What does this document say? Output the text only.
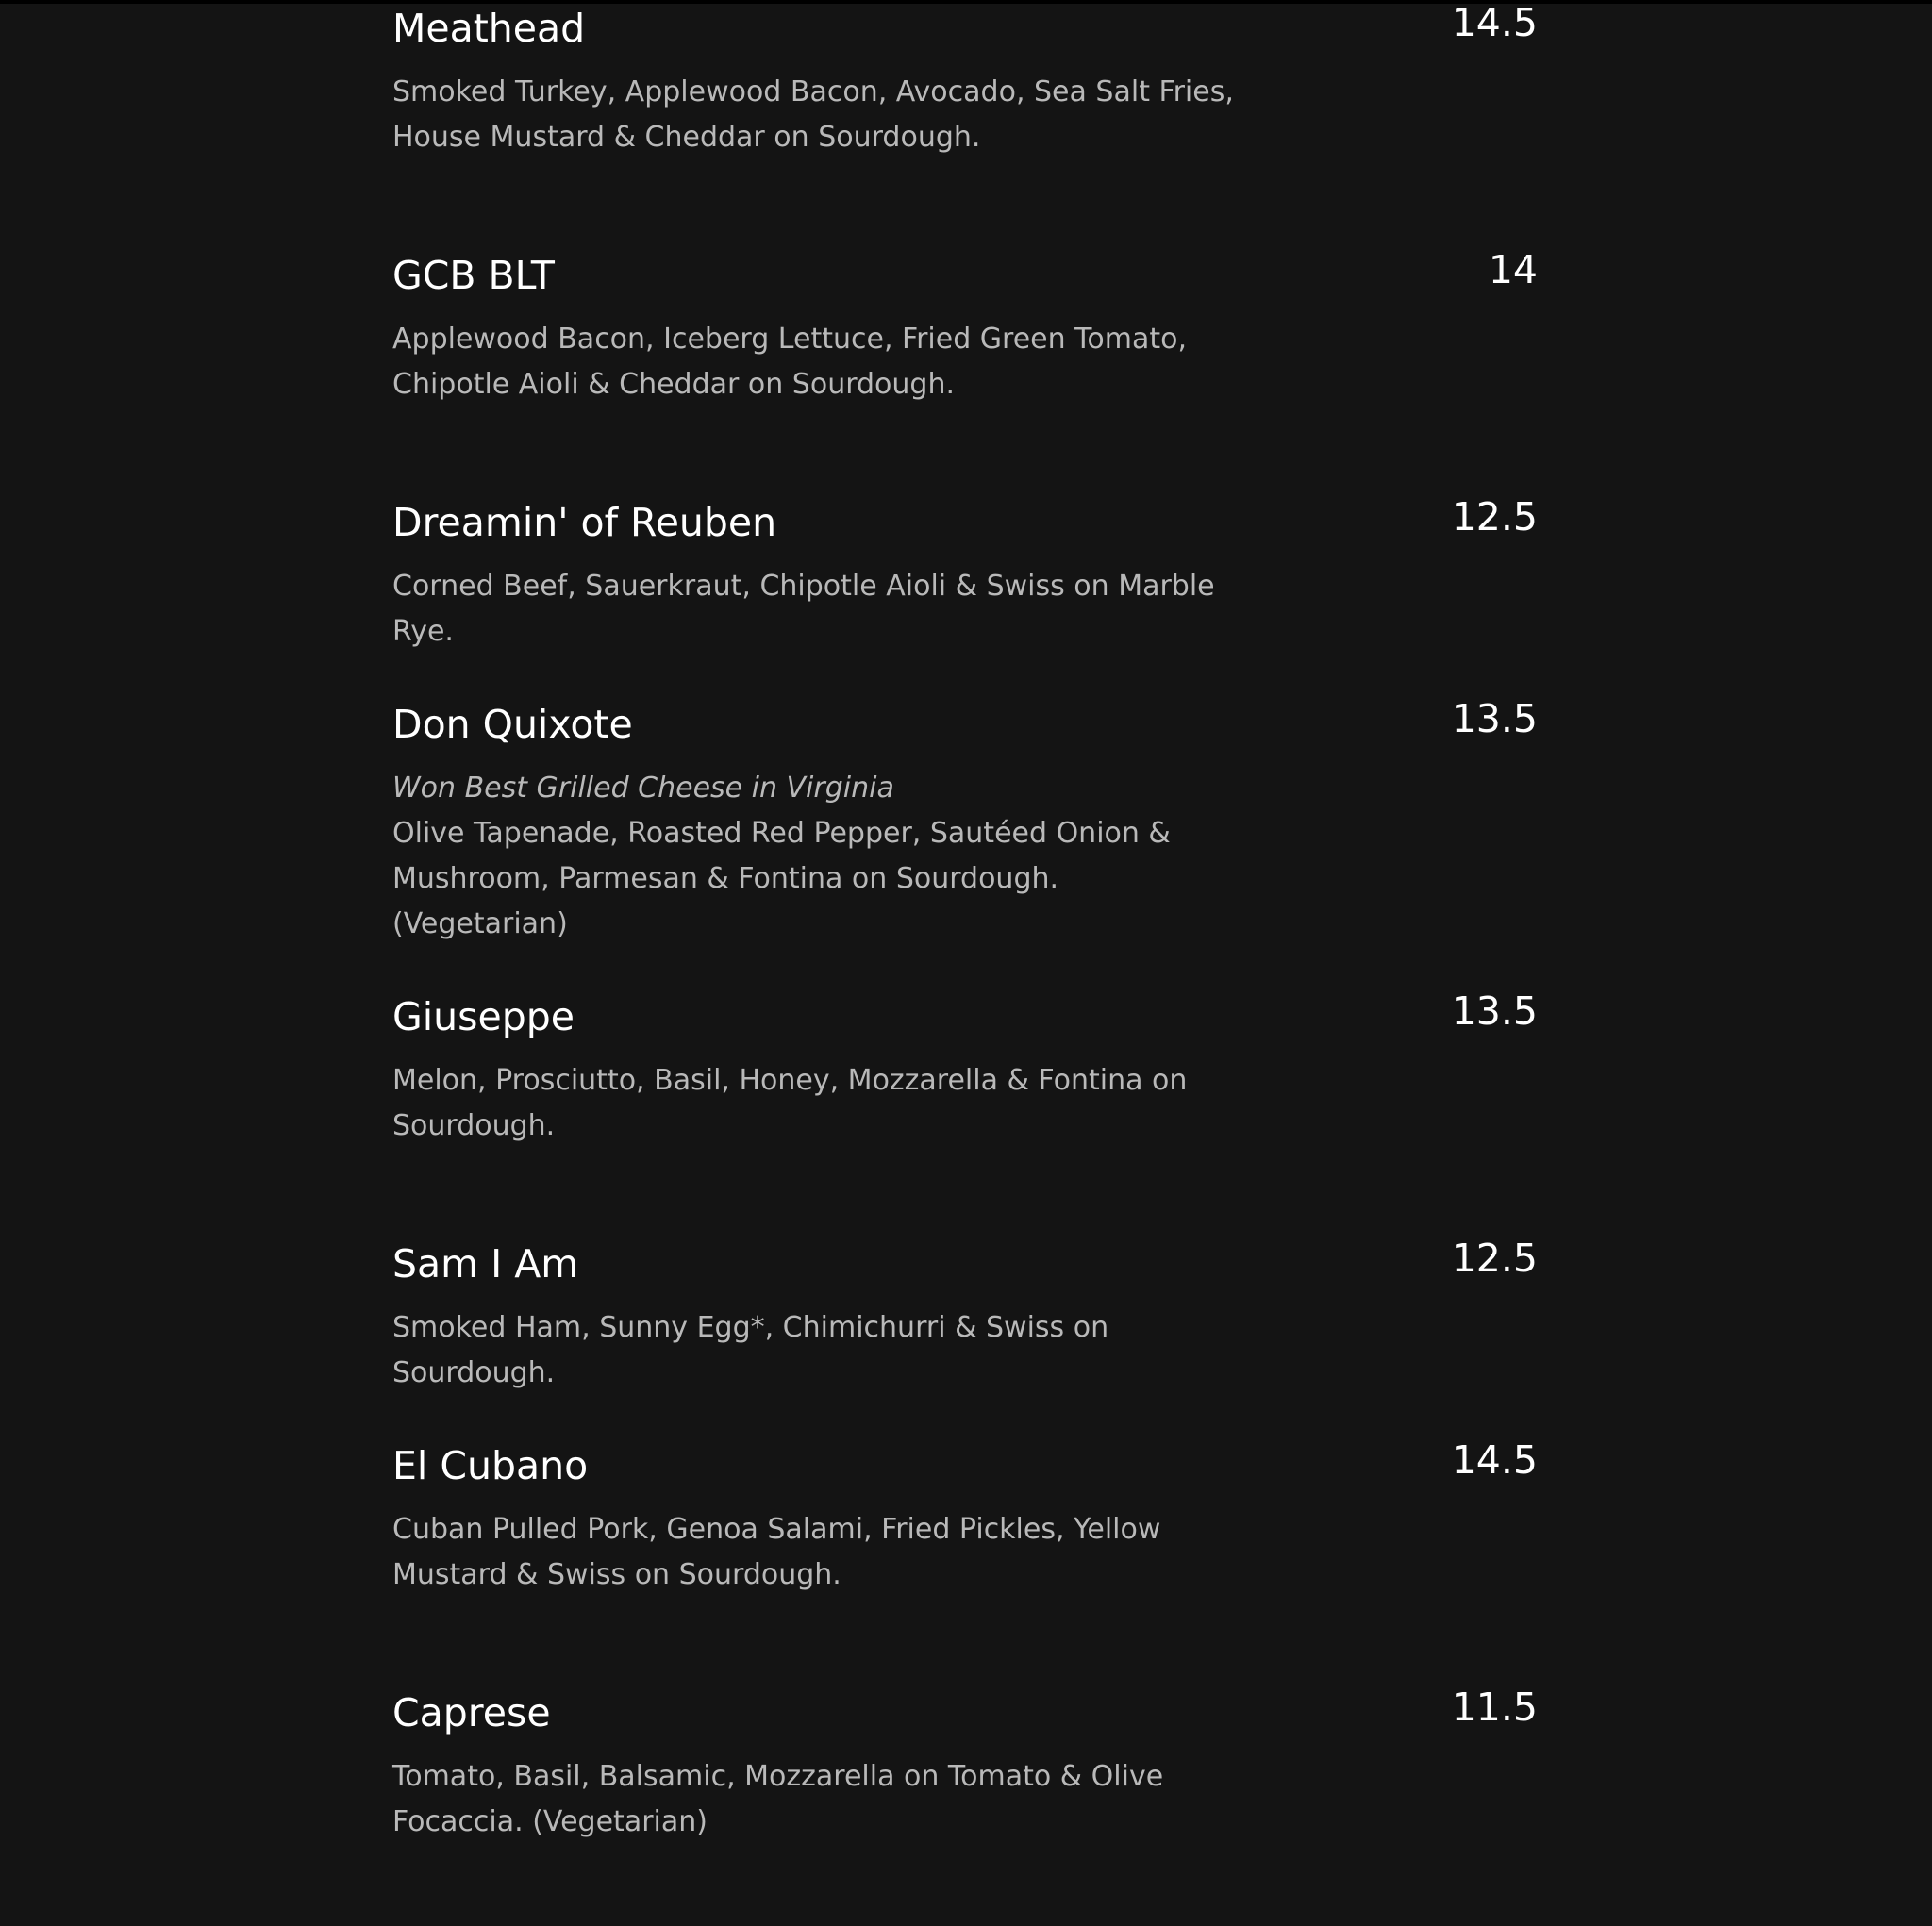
Meathead	14.5
Smoked Turkey, Applewood Bacon, Avocado, Sea Salt Fries, House Mustard & Cheddar on Sourdough.
GCB BLT	14
Applewood Bacon, Iceberg Lettuce, Fried Green Tomato, Chipotle Aioli & Cheddar on Sourdough.
Dreamin' of Reuben	12.5
Corned Beef, Sauerkraut, Chipotle Aioli & Swiss on Marble Rye.
Don Quixote	13.5
Won Best Grilled Cheese in Virginia
Olive Tapenade, Roasted Red Pepper, Sautéed Onion & Mushroom, Parmesan & Fontina on Sourdough. (Vegetarian)
Giuseppe	13.5
Melon, Prosciutto, Basil, Honey, Mozzarella & Fontina on Sourdough.
Sam I Am	12.5
Smoked Ham, Sunny Egg*, Chimichurri & Swiss on Sourdough.
El Cubano	14.5
Cuban Pulled Pork, Genoa Salami, Fried Pickles, Yellow Mustard & Swiss on Sourdough.
Caprese	11.5
Tomato, Basil, Balsamic, Mozzarella on Tomato & Olive Focaccia. (Vegetarian)
